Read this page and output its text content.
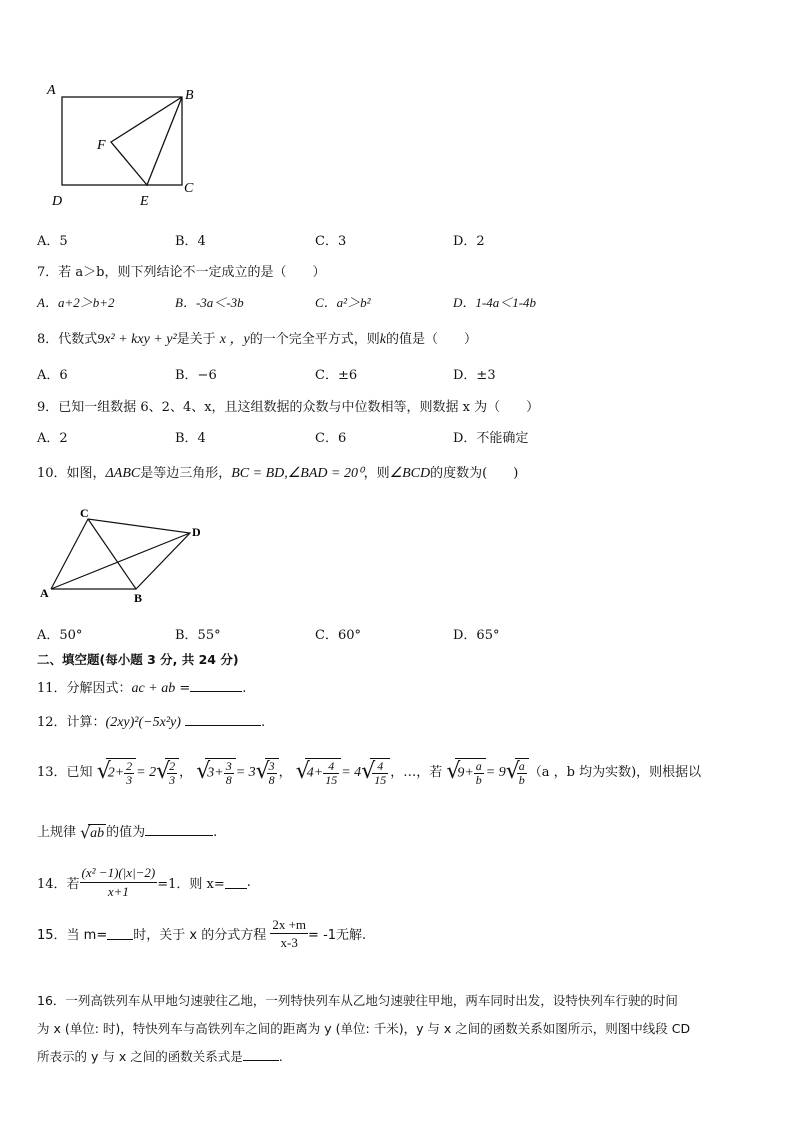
A	B
C
D	E
F
A．5	B．4	C．3	D．2
7．若 a＞b，则下列结论不一定成立的是（　　）
A．a+2＞b+2	B．-3a＜-3b	C．a²＞b²	D．1-4a＜1-4b
8．代数式9x² + kxy + y²是关于 x ，y的一个完全平方式，则k的值是（　　）
A．6	B．−6	C．±6	D．±3
9．已知一组数据 6、2、4、x，且这组数据的众数与中位数相等，则数据 x 为（　　）
A．2	B．4	C．6	D．不能确定
10．如图，ΔABC是等边三角形，BC = BD,∠BAD = 20⁰，则∠BCD的度数为(　　)
C
D
A	B
A．50°	B．55°	C．60°	D．65°
二、填空题(每小题 3 分, 共 24 分)
11．分解因式：ac + ab =	.
12．计算：(2xy)²(−5x²y)	.
13．已知 √
$2+ \frac{2}{3} = 2$ √
$\frac{2}{3}$ ， √
$3+ \frac{3}{8} = 3$ √
$\frac{3}{8}$ ， √
$4+ \frac{4}{15} = 4$ √
$\frac{4}{15}$ ，…，若 √
$9+ \frac{a}{b} = 9$ √
$\frac{a}{b} (a$ ，b 均为实数)，则根据以
上规律 √ ab 的值为	.
14．若 $\frac{\text{(x² −1)(|x|−2)}}{x+1} =1$．则 x= .
15．当 m= 时，关于 x 的分式方程 $\frac{2x +m}{x-3} = -1$无解.
16．一列高铁列车从甲地匀速驶往乙地，一列特快列车从乙地匀速驶往甲地，两车同时出发，设特快列车行驶的时间
为 x (单位: 时)，特快列车与高铁列车之间的距离为 y (单位: 千米)，y 与 x 之间的函数关系如图所示，则图中线段 CD
所表示的 y 与 x 之间的函数关系式是	.
